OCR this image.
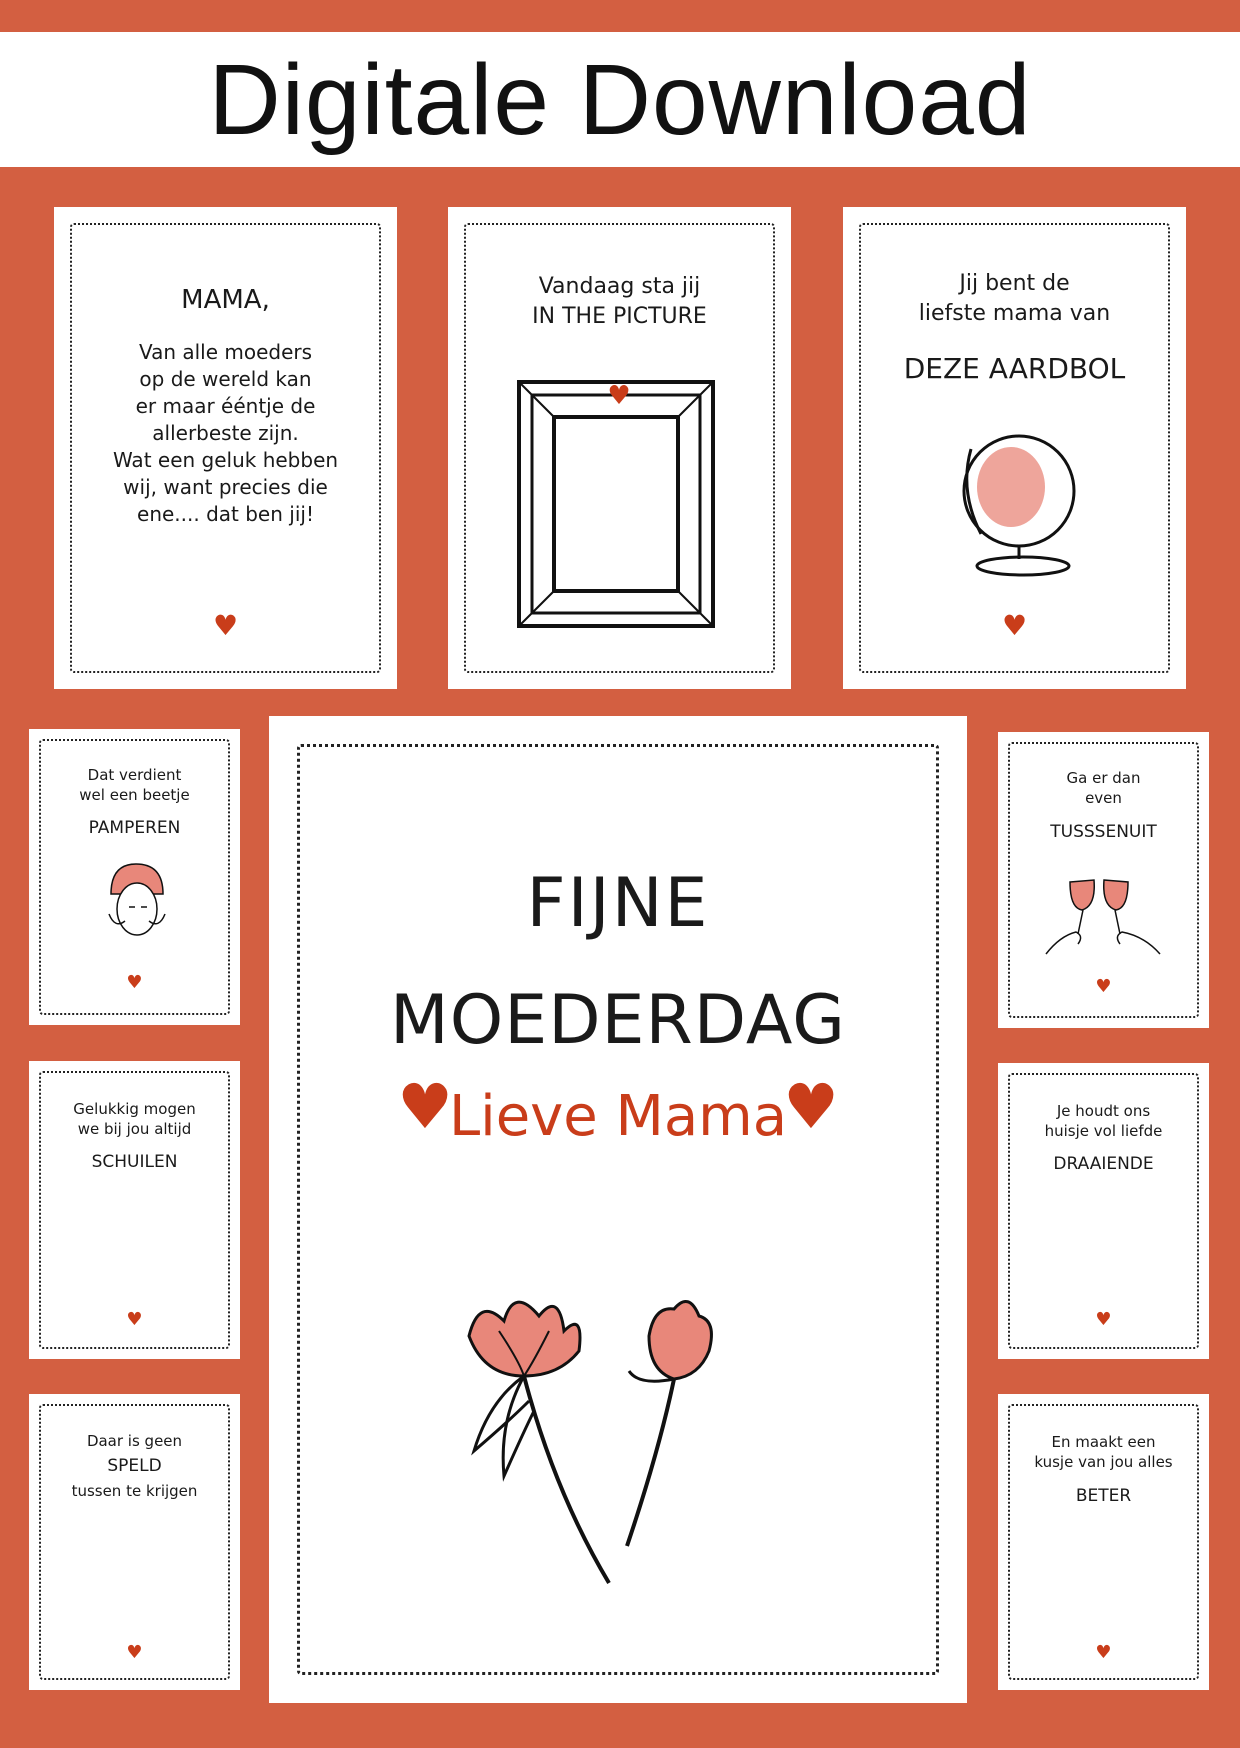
Digitale Download
MAMA,
Van alle moeders
op de wereld kan
er maar ééntje de
allerbeste zijn.
Wat een geluk hebben
wij, want precies die
ene.... dat ben jij!
♥
Vandaag sta jij
IN THE PICTURE
♥
Jij bent de
liefste mama van
DEZE AARDBOL
♥
Dat verdient
wel een beetje
PAMPEREN
♥
Gelukkig mogen
we bij jou altijd
SCHUILEN
♥
Daar is geen
SPELD
tussen te krijgen
♥
Ga er dan
even
TUSSSENUIT
♥
Je houdt ons
huisje vol liefde
DRAAIENDE
♥
En maakt een
kusje van jou alles
BETER
♥
FIJNE
MOEDERDAG
♥
Lieve Mama
♥
